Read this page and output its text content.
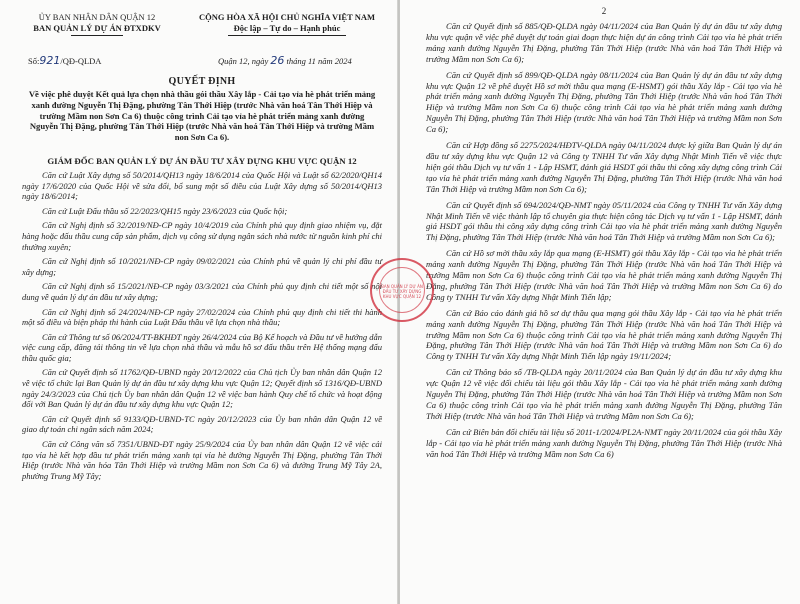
ỦY BAN NHÂN DÂN QUẬN 12
BAN QUẢN LÝ DỰ ÁN ĐTXDKV
CỘNG HÒA XÃ HỘI CHỦ NGHĨA VIỆT NAM
Độc lập – Tự do – Hạnh phúc
Số:921/QĐ-QLDA	Quận 12, ngày 26 tháng 11 năm 2024
QUYẾT ĐỊNH
Về việc phê duyệt Kết quả lựa chọn nhà thầu gói thầu Xây lắp - Cải tạo vỉa hè phát triển mảng xanh đường Nguyễn Thị Đặng, phường Tân Thới Hiệp (trước Nhà văn hoá Tân Thới Hiệp và trường Mầm non Sơn Ca 6) thuộc công trình Cải tạo vỉa hè phát triển mảng xanh đường Nguyễn Thị Đặng, phường Tân Thới Hiệp (trước Nhà văn hoá Tân Thới Hiệp và trường Mầm non Sơn Ca 6).
GIÁM ĐỐC BAN QUẢN LÝ DỰ ÁN ĐẦU TƯ XÂY DỰNG KHU VỰC QUẬN 12

Căn cứ Luật Xây dựng số 50/2014/QH13 ngày 18/6/2014 của Quốc Hội và Luật số 62/2020/QH14 ngày 17/6/2020 của Quốc Hội về sửa đổi, bổ sung một số điều của Luật Xây dựng số 50/2014/QH13 ngày 18/6/2014;

Căn cứ Luật Đấu thầu số 22/2023/QH15 ngày 23/6/2023 của Quốc hội;

Căn cứ Nghị định số 32/2019/NĐ-CP ngày 10/4/2019 của Chính phủ quy định giao nhiệm vụ, đặt hàng hoặc đấu thầu cung cấp sản phẩm, dịch vụ công sử dụng ngân sách nhà nước từ nguồn kinh phí chi thường xuyên;

Căn cứ Nghị định số 10/2021/NĐ-CP ngày 09/02/2021 của Chính phủ về quản lý chi phí đầu tư xây dựng;

Căn cứ Nghị định số 15/2021/NĐ-CP ngày 03/3/2021 của Chính phủ quy định chi tiết một số nội dung về quản lý dự án đầu tư xây dựng;

Căn cứ Nghị định số 24/2024/NĐ-CP ngày 27/02/2024 của Chính phủ quy định chi tiết thi hành một số điều và biện pháp thi hành của Luật Đấu thầu về lựa chọn nhà thầu;

Căn cứ Thông tư số 06/2024/TT-BKHĐT ngày 26/4/2024 của Bộ Kế hoạch và Đầu tư về hướng dẫn việc cung cấp, đăng tải thông tin về lựa chọn nhà thầu và mẫu hồ sơ đấu thầu trên Hệ thống mạng đấu thầu quốc gia;

Căn cứ Quyết định số 11762/QĐ-UBND ngày 20/12/2022 của Chủ tịch Ủy ban nhân dân Quận 12 về việc tổ chức lại Ban Quản lý dự án đầu tư xây dựng khu vực Quận 12; Quyết định số 1316/QĐ-UBND ngày 24/3/2023 của Chủ tịch Ủy ban nhân dân Quận 12 về việc ban hành Quy chế tổ chức và hoạt động đối với Ban Quản lý dự án đầu tư xây dựng khu vực Quận 12;

Căn cứ Quyết định số 9133/QĐ-UBND-TC ngày 20/12/2023 của Ủy ban nhân dân Quận 12 về giao dự toán chi ngân sách năm 2024;

Căn cứ Công văn số 7351/UBND-ĐT ngày 25/9/2024 của Ủy ban nhân dân Quận 12 về việc cải tạo vỉa hè kết hợp đầu tư phát triển mảng xanh tại vỉa hè đường Nguyễn Thị Đặng, phường Tân Thới Hiệp (trước Nhà văn hóa Tân Thới Hiệp và trường Mầm non Sơn Ca 6) và đường Trung Mỹ Tây 2A, phường Trung Mỹ Tây;

BAN QUẢN LÝ DỰ ÁN ĐẦU TƯ XÂY DỰNG KHU VỰC QUẬN 12
2

Căn cứ Quyết định số 885/QĐ-QLDA ngày 04/11/2024 của Ban Quản lý dự án đầu tư xây dựng khu vực quận về việc phê duyệt dự toán giai đoạn thực hiện dự án công trình Cải tạo vỉa hè phát triển mảng xanh đường Nguyễn Thị Đặng, phường Tân Thới Hiệp (trước Nhà văn hoá Tân Thới Hiệp và trường Mầm non Sơn Ca 6);

Căn cứ Quyết định số 899/QĐ-QLDA ngày 08/11/2024 của Ban Quản lý dự án đầu tư xây dựng khu vực Quận 12 về phê duyệt Hồ sơ mời thầu qua mạng (E-HSMT) gói thầu Xây lắp - Cải tạo vỉa hè phát triển mảng xanh đường Nguyễn Thị Đặng, phường Tân Thới Hiệp (trước Nhà văn hoá Tân Thới Hiệp và trường Mầm non Sơn Ca 6) thuộc công trình Cải tạo vỉa hè phát triển mảng xanh đường Nguyễn Thị Đặng, phường Tân Thới Hiệp (trước Nhà văn hoá Tân Thới Hiệp và trường Mầm non Sơn Ca 6);

Căn cứ Hợp đồng số 2275/2024/HĐTV-QLDA ngày 04/11/2024 được ký giữa Ban Quản lý dự án đầu tư xây dựng khu vực Quận 12 và Công ty TNHH Tư vấn Xây dựng Nhật Minh Tiến về việc thực hiện gói thầu Dịch vụ tư vấn 1 - Lập HSMT, đánh giá HSDT gói thầu thi công xây dựng công trình Cải tạo vỉa hè phát triển mảng xanh đường Nguyễn Thị Đặng, phường Tân Thới Hiệp (trước Nhà văn hoá Tân Thới Hiệp và trường Mầm non Sơn Ca 6);

Căn cứ Quyết định số 694/2024/QĐ-NMT ngày 05/11/2024 của Công ty TNHH Tư vấn Xây dựng Nhật Minh Tiến về việc thành lập tổ chuyên gia thực hiện công tác Dịch vụ tư vấn 1 - Lập HSMT, đánh giá HSDT gói thầu thi công xây dựng công trình Cải tạo vỉa hè phát triển mảng xanh đường Nguyễn Thị Đặng, phường Tân Thới Hiệp (trước Nhà văn hoá Tân Thới Hiệp và trường Mầm non Sơn Ca 6);

Căn cứ Hồ sơ mời thầu xây lắp qua mạng (E-HSMT) gói thầu Xây lắp - Cải tạo vỉa hè phát triển mảng xanh đường Nguyễn Thị Đặng, phường Tân Thới Hiệp (trước Nhà văn hoá Tân Thới Hiệp và trường Mầm non Sơn Ca 6) thuộc công trình Cải tạo vỉa hè phát triển mảng xanh đường Nguyễn Thị Đặng, phường Tân Thới Hiệp (trước Nhà văn hoá Tân Thới Hiệp và trường Mầm non Sơn Ca 6) do Công ty TNHH Tư vấn Xây dựng Nhật Minh Tiến lập;

Căn cứ Báo cáo đánh giá hồ sơ dự thầu qua mạng gói thầu Xây lắp - Cải tạo vỉa hè phát triển mảng xanh đường Nguyễn Thị Đặng, phường Tân Thới Hiệp (trước Nhà văn hoá Tân Thới Hiệp và trường Mầm non Sơn Ca 6) thuộc công trình Cải tạo vỉa hè phát triển mảng xanh đường Nguyễn Thị Đặng, phường Tân Thới Hiệp (trước Nhà văn hoá Tân Thới Hiệp và trường Mầm non Sơn Ca 6) do Công ty TNHH Tư vấn Xây dựng Nhật Minh Tiến lập ngày 19/11/2024;

Căn cứ Thông báo số /TB-QLDA ngày 20/11/2024 của Ban Quản lý dự án đầu tư xây dựng khu vực Quận 12 về việc đối chiếu tài liệu gói thầu Xây lắp - Cải tạo vỉa hè phát triển mảng xanh đường Nguyễn Thị Đặng, phường Tân Thới Hiệp (trước Nhà văn hoá Tân Thới Hiệp và trường Mầm non Sơn Ca 6) thuộc công trình Cải tạo vỉa hè phát triển mảng xanh đường Nguyễn Thị Đặng, phường Tân Thới Hiệp (trước Nhà văn hoá Tân Thới Hiệp và trường Mầm non Sơn Ca 6);

Căn cứ Biên bản đối chiếu tài liệu số 2011-1/2024/PL2A-NMT ngày 20/11/2024 của gói thầu Xây lắp - Cải tạo vỉa hè phát triển mảng xanh đường Nguyễn Thị Đặng, phường Tân Thới Hiệp (trước Nhà văn hoá Tân Thới Hiệp và trường Mầm non Sơn Ca 6)
